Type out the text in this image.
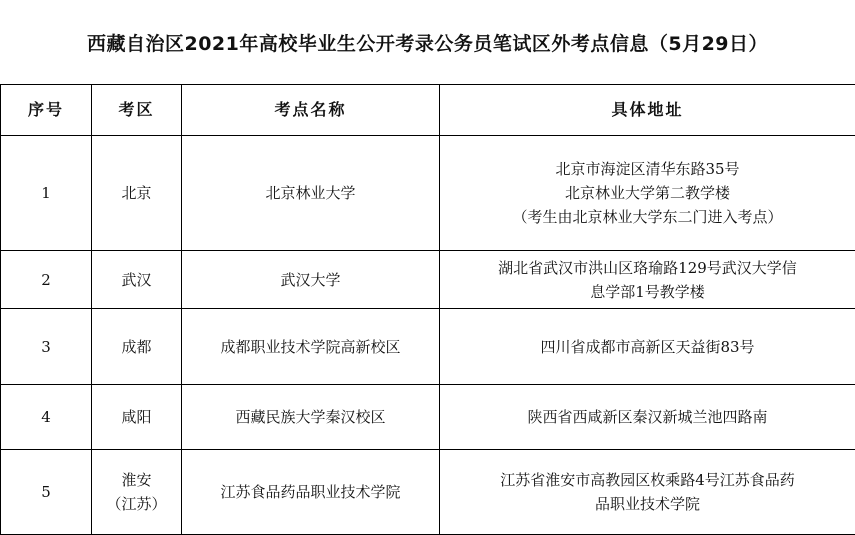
西藏自治区2021年高校毕业生公开考录公务员笔试区外考点信息（5月29日）
序号	考区	考点名称	具体地址
1	北京	北京林业大学	北京市海淀区清华东路35号
北京林业大学第二教学楼
（考生由北京林业大学东二门进入考点）

2	武汉	武汉大学	湖北省武汉市洪山区珞瑜路129号武汉大学信
息学部1号教学楼

3	成都	成都职业技术学院高新校区	四川省成都市高新区天益街83号

4	咸阳	西藏民族大学秦汉校区	陕西省西咸新区秦汉新城兰池四路南

5	淮安
（江苏）	江苏食品药品职业技术学院	江苏省淮安市高教园区枚乘路4号江苏食品药
品职业技术学院
